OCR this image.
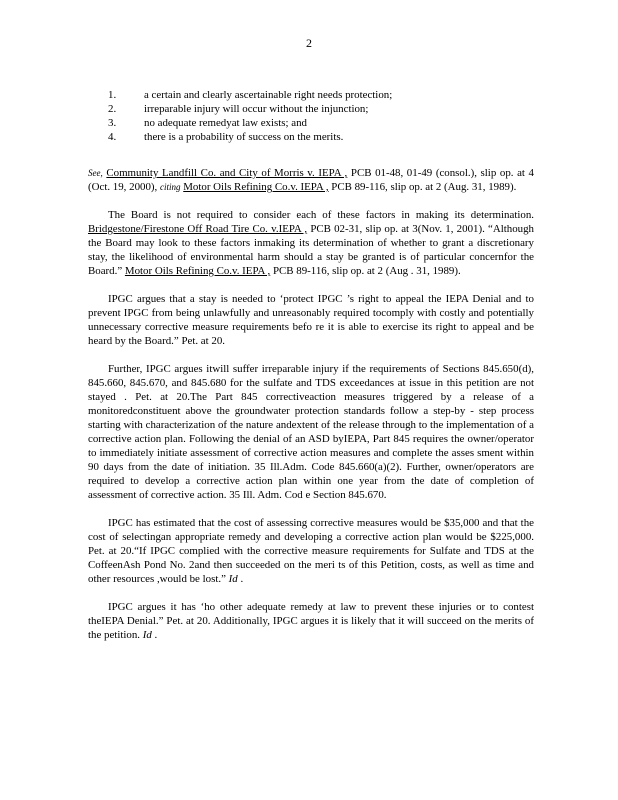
2
1.	a certain and clearly ascertainable right needs protection;
2.	irreparable injury will occur without the injunction;
3.	no adequate remedyat law exists; and
4.	there is a probability of success on the merits.

See, Community Landfill Co. and City of Morris v. IEPA , PCB 01-48, 01-49 (consol.), slip op. at 4 (Oct. 19, 2000), citing Motor Oils Refining Co.v. IEPA , PCB 89-116, slip op. at 2 (Aug. 31, 1989).

The Board is not required to consider each of these factors in making its determination. Bridgestone/Firestone Off Road Tire Co. v.IEPA , PCB 02-31, slip op. at 3(Nov. 1, 2001). “Although the Board may look to these factors inmaking its determination of whether to grant a discretionary stay, the likelihood of environmental harm should a stay be granted is of particular concernfor the Board.” Motor Oils Refining Co.v. IEPA , PCB 89-116, slip op. at 2 (Aug . 31, 1989).

IPGC argues that a stay is needed to ‘protect IPGC ’s right to appeal the IEPA Denial and to prevent IPGC from being unlawfully and unreasonably required tocomply with costly and potentially unnecessary corrective measure requirements befo re it is able to exercise its right to appeal and be heard by the Board.” Pet. at 20.

Further, IPGC argues itwill suffer irreparable injury if the requirements of Sections 845.650(d), 845.660, 845.670, and 845.680 for the sulfate and TDS exceedances at issue in this petition are not stayed . Pet. at 20.The Part 845 correctiveaction measures triggered by a release of a monitoredconstituent above the groundwater protection standards follow a step-by - step process starting with characterization of the nature andextent of the release through to the implementation of a corrective action plan. Following the denial of an ASD byIEPA, Part 845 requires the owner/operator to immediately initiate assessment of corrective action measures and complete the asses sment within 90 days from the date of initiation. 35 Ill.Adm. Code 845.660(a)(2). Further, owner/operators are required to develop a corrective action plan within one year from the date of completion of assessment of corrective action. 35 Ill. Adm. Cod e Section 845.670.

IPGC has estimated that the cost of assessing corrective measures would be $35,000 and that the cost of selectingan appropriate remedy and developing a corrective action plan would be $225,000. Pet. at 20.“If IPGC complied with the corrective measure requirements for Sulfate and TDS at the CoffeenAsh Pond No. 2and then succeeded on the meri ts of this Petition, costs, as well as time and other resources ,would be lost.” Id .

IPGC argues it has ‘ho other adequate remedy at law to prevent these injuries or to contest theIEPA Denial.” Pet. at 20. Additionally, IPGC argues it is likely that it will succeed on the merits of the petition. Id .
